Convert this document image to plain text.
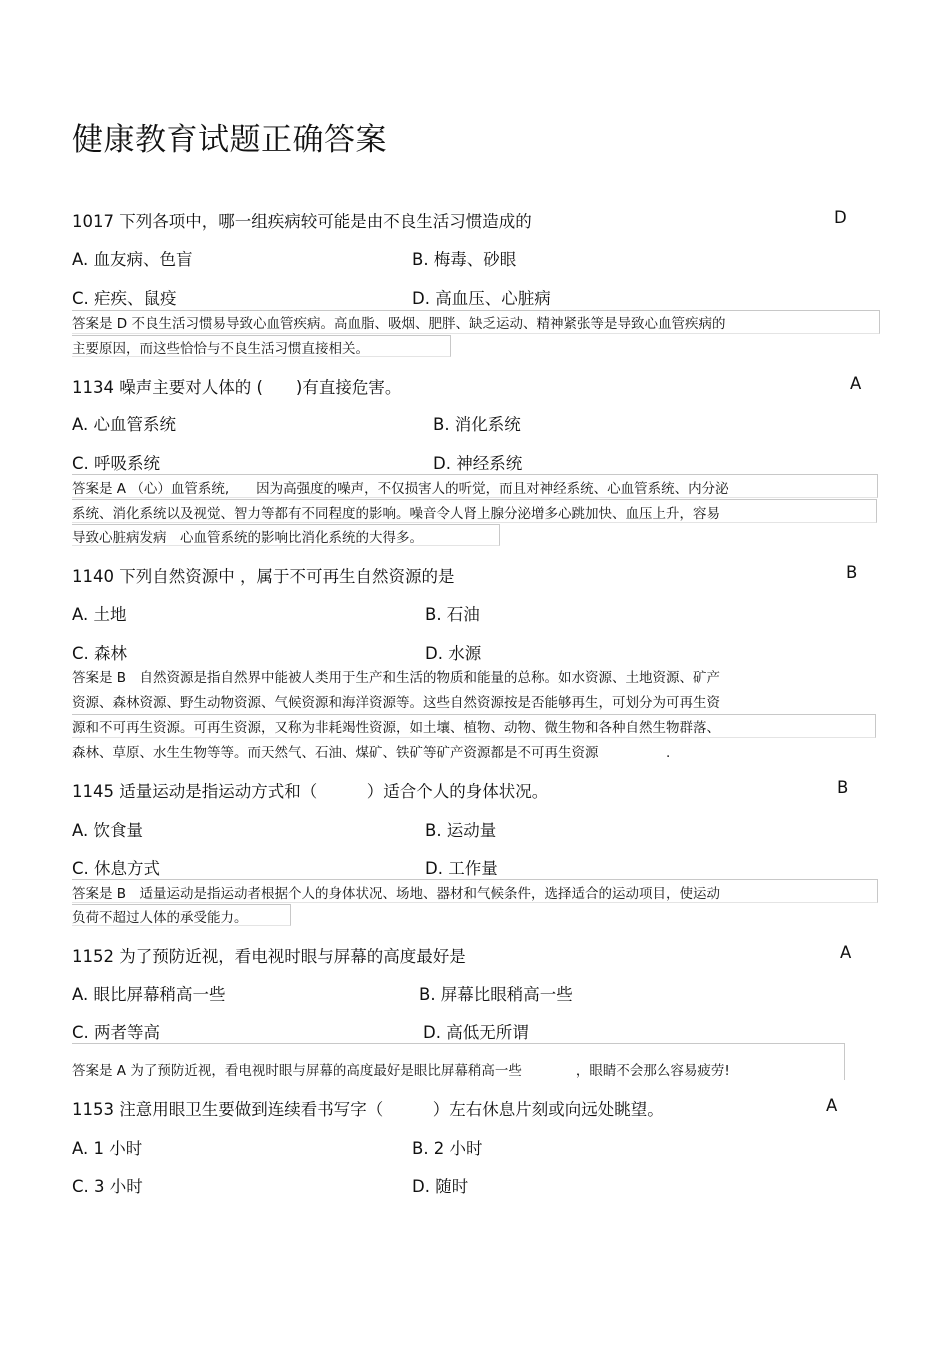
健康教育试题正确答案
1017 下列各项中，哪一组疾病较可能是由不良生活习惯造成的	D
A. 血友病、色盲	B. 梅毒、砂眼
C. 疟疾、鼠疫	D. 高血压、心脏病
答案是 D 不良生活习惯易导致心血管疾病。高血脂、吸烟、肥胖、缺乏运动、精神紧张等是导致心血管疾病的
主要原因，而这些恰恰与不良生活习惯直接相关。
1134 噪声主要对人体的 (　　)有直接危害。	A
A. 心血管系统	B. 消化系统
C. 呼吸系统	D. 神经系统
答案是 A （心）血管系统,　　因为高强度的噪声，不仅损害人的听觉，而且对神经系统、心血管系统、内分泌
系统、消化系统以及视觉、智力等都有不同程度的影响。噪音令人肾上腺分泌增多心跳加快、血压上升，容易
导致心脏病发病　心血管系统的影响比消化系统的大得多。
1140 下列自然资源中 ，属于不可再生自然资源的是	B
A. 土地	B. 石油
C. 森林	D. 水源
答案是 B　自然资源是指自然界中能被人类用于生产和生活的物质和能量的总称。如水资源、土地资源、矿产
资源、森林资源、野生动物资源、气候资源和海洋资源等。这些自然资源按是否能够再生，可划分为可再生资
源和不可再生资源。可再生资源，又称为非耗竭性资源，如土壤、植物、动物、微生物和各种自然生物群落、
森林、草原、水生生物等等。而天然气、石油、煤矿、铁矿等矿产资源都是不可再生资源　　　　　.
1145 适量运动是指运动方式和（　　　）适合个人的身体状况。	B
A. 饮食量	B. 运动量
C. 休息方式	D. 工作量
答案是 B　适量运动是指运动者根据个人的身体状况、场地、器材和气候条件，选择适合的运动项目，使运动
负荷不超过人体的承受能力。
1152 为了预防近视，看电视时眼与屏幕的高度最好是	A
A. 眼比屏幕稍高一些	B. 屏幕比眼稍高一些
C. 两者等高	D. 高低无所谓
答案是 A 为了预防近视，看电视时眼与屏幕的高度最好是眼比屏幕稍高一些　　　　，眼睛不会那么容易疲劳!
1153 注意用眼卫生要做到连续看书写字（　　　）左右休息片刻或向远处眺望。	A
A. 1 小时	B. 2 小时
C. 3 小时	D. 随时
